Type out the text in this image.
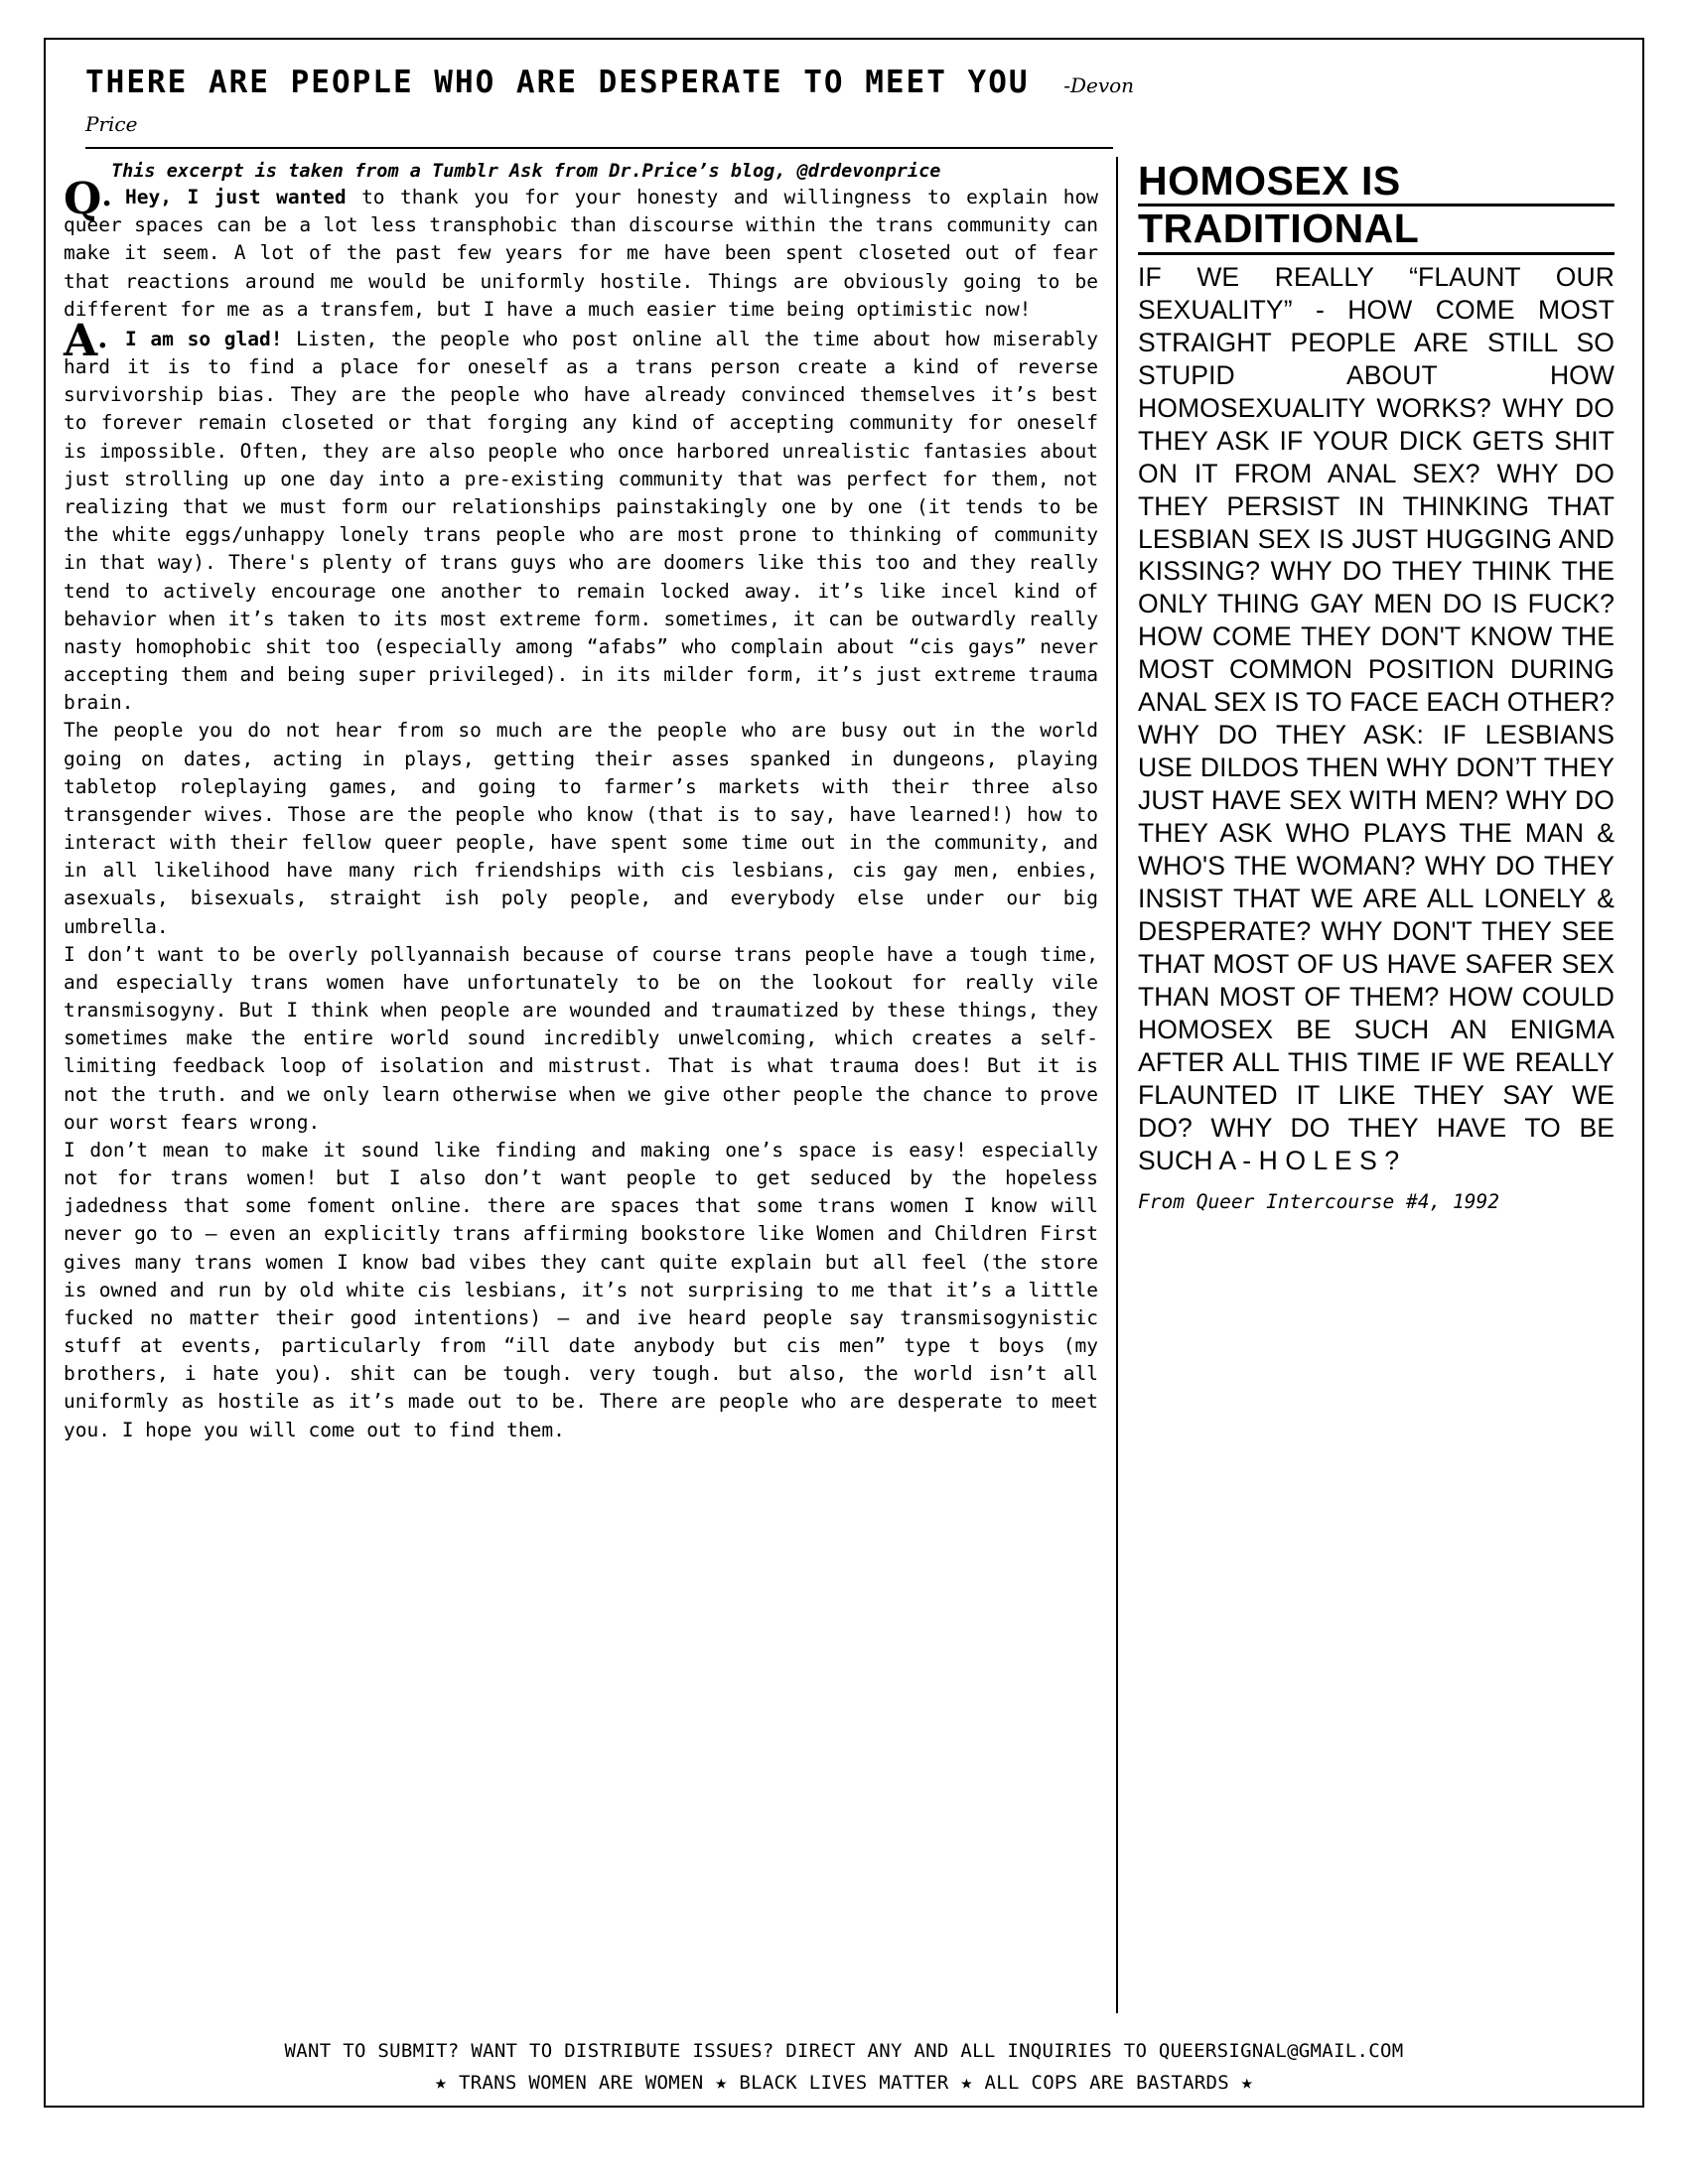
THERE ARE PEOPLE WHO ARE DESPERATE TO MEET YOU -Devon Price
This excerpt is taken from a Tumblr Ask from Dr.Price’s blog, @drdevonprice
Q. Hey, I just wanted to thank you for your honesty and willingness to explain how queer spaces can be a lot less transphobic than discourse within the trans community can make it seem. A lot of the past few years for me have been spent closeted out of fear that reactions around me would be uniformly hostile. Things are obviously going to be different for me as a transfem, but I have a much easier time being optimistic now!

A. I am so glad! Listen, the people who post online all the time about how miserably hard it is to find a place for oneself as a trans person create a kind of reverse survivorship bias. They are the people who have already convinced themselves it’s best to forever remain closeted or that forging any kind of accepting community for oneself is impossible. Often, they are also people who once harbored unrealistic fantasies about just strolling up one day into a pre-existing community that was perfect for them, not realizing that we must form our relationships painstakingly one by one (it tends to be the white eggs/unhappy lonely trans people who are most prone to thinking of community in that way). There's plenty of trans guys who are doomers like this too and they really tend to actively encourage one another to remain locked away. it’s like incel kind of behavior when it’s taken to its most extreme form. sometimes, it can be outwardly really nasty homophobic shit too (especially among “afabs” who complain about “cis gays” never accepting them and being super privileged). in its milder form, it’s just extreme trauma brain.

The people you do not hear from so much are the people who are busy out in the world going on dates, acting in plays, getting their asses spanked in dungeons, playing tabletop roleplaying games, and going to farmer’s markets with their three also transgender wives. Those are the people who know (that is to say, have learned!) how to interact with their fellow queer people, have spent some time out in the community, and in all likelihood have many rich friendships with cis lesbians, cis gay men, enbies, asexuals, bisexuals, straight ish poly people, and everybody else under our big umbrella.

I don’t want to be overly pollyannaish because of course trans people have a tough time, and especially trans women have unfortunately to be on the lookout for really vile transmisogyny. But I think when people are wounded and traumatized by these things, they sometimes make the entire world sound incredibly unwelcoming, which creates a self-limiting feedback loop of isolation and mistrust. That is what trauma does! But it is not the truth. and we only learn otherwise when we give other people the chance to prove our worst fears wrong.

I don’t mean to make it sound like finding and making one’s space is easy! especially not for trans women! but I also don’t want people to get seduced by the hopeless jadedness that some foment online. there are spaces that some trans women I know will never go to – even an explicitly trans affirming bookstore like Women and Children First gives many trans women I know bad vibes they cant quite explain but all feel (the store is owned and run by old white cis lesbians, it’s not surprising to me that it’s a little fucked no matter their good intentions) – and ive heard people say transmisogynistic stuff at events, particularly from “ill date anybody but cis men” type t boys (my brothers, i hate you). shit can be tough. very tough. but also, the world isn’t all uniformly as hostile as it’s made out to be. There are people who are desperate to meet you. I hope you will come out to find them.

HOMOSEX IS
TRADITIONAL

IF WE REALLY “FLAUNT OUR SEXUALITY” - HOW COME MOST STRAIGHT PEOPLE ARE STILL SO STUPID ABOUT HOW HOMOSEXUALITY WORKS? WHY DO THEY ASK IF YOUR DICK GETS SHIT ON IT FROM ANAL SEX? WHY DO THEY PERSIST IN THINKING THAT LESBIAN SEX IS JUST HUGGING AND KISSING? WHY DO THEY THINK THE ONLY THING GAY MEN DO IS FUCK? HOW COME THEY DON'T KNOW THE MOST COMMON POSITION DURING ANAL SEX IS TO FACE EACH OTHER? WHY DO THEY ASK: IF LESBIANS USE DILDOS THEN WHY DON’T THEY JUST HAVE SEX WITH MEN? WHY DO THEY ASK WHO PLAYS THE MAN & WHO'S THE WOMAN? WHY DO THEY INSIST THAT WE ARE ALL LONELY & DESPERATE? WHY DON'T THEY SEE THAT MOST OF US HAVE SAFER SEX THAN MOST OF THEM? HOW COULD HOMOSEX BE SUCH AN ENIGMA AFTER ALL THIS TIME IF WE REALLY FLAUNTED IT LIKE THEY SAY WE DO? WHY DO THEY HAVE TO BE SUCH A - H O L E S ?

From Queer Intercourse #4, 1992

WANT TO SUBMIT? WANT TO DISTRIBUTE ISSUES? DIRECT ANY AND ALL INQUIRIES TO QUEERSIGNAL@GMAIL.COM
★ TRANS WOMEN ARE WOMEN ★ BLACK LIVES MATTER ★ ALL COPS ARE BASTARDS ★
